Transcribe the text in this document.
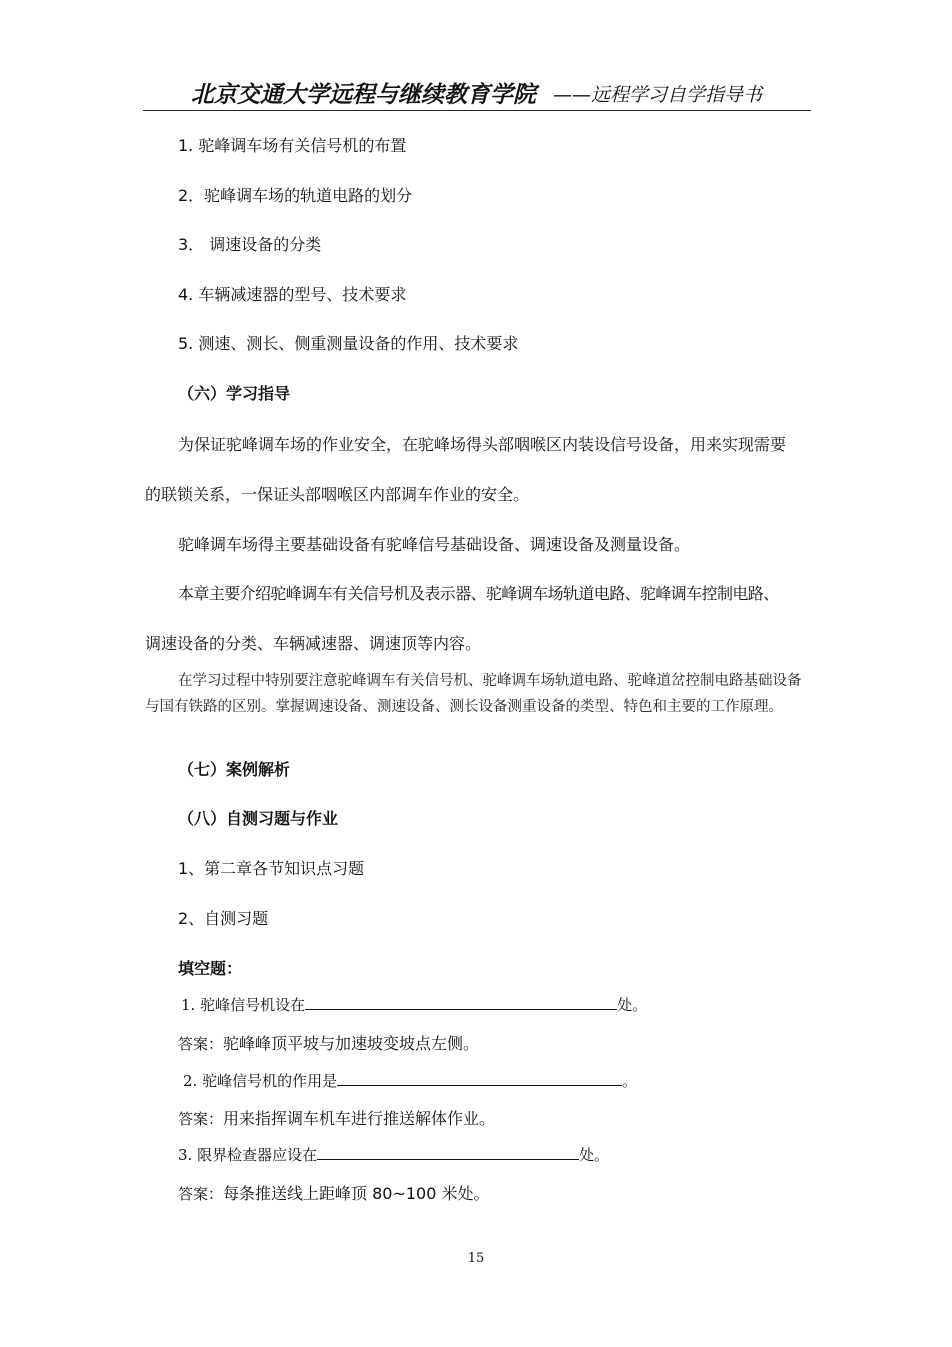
北京交通大学远程与继续教育学院 ——远程学习自学指导书
1. 驼峰调车场有关信号机的布置
2．驼峰调车场的轨道电路的划分
3． 调速设备的分类
4. 车辆减速器的型号、技术要求
5. 测速、测长、侧重测量设备的作用、技术要求
（六）学习指导
为保证驼峰调车场的作业安全，在驼峰场得头部咽喉区内装设信号设备，用来实现需要
的联锁关系，一保证头部咽喉区内部调车作业的安全。
驼峰调车场得主要基础设备有驼峰信号基础设备、调速设备及测量设备。
本章主要介绍驼峰调车有关信号机及表示器、驼峰调车场轨道电路、驼峰调车控制电路、
调速设备的分类、车辆减速器、调速顶等内容。
在学习过程中特别要注意驼峰调车有关信号机、驼峰调车场轨道电路、驼峰道岔控制电路基础设备与国有铁路的区别。掌握调速设备、测速设备、测长设备测重设备的类型、特色和主要的工作原理。
（七）案例解析
（八）自测习题与作业
1、第二章各节知识点习题
2、自测习题
填空题：
1. 驼峰信号机设在	处。
答案：驼峰峰顶平坡与加速坡变坡点左侧。
2. 驼峰信号机的作用是	。
答案：用来指挥调车机车进行推送解体作业。
3. 限界检查器应设在	处。
答案：每条推送线上距峰顶 80~100 米处。
15
